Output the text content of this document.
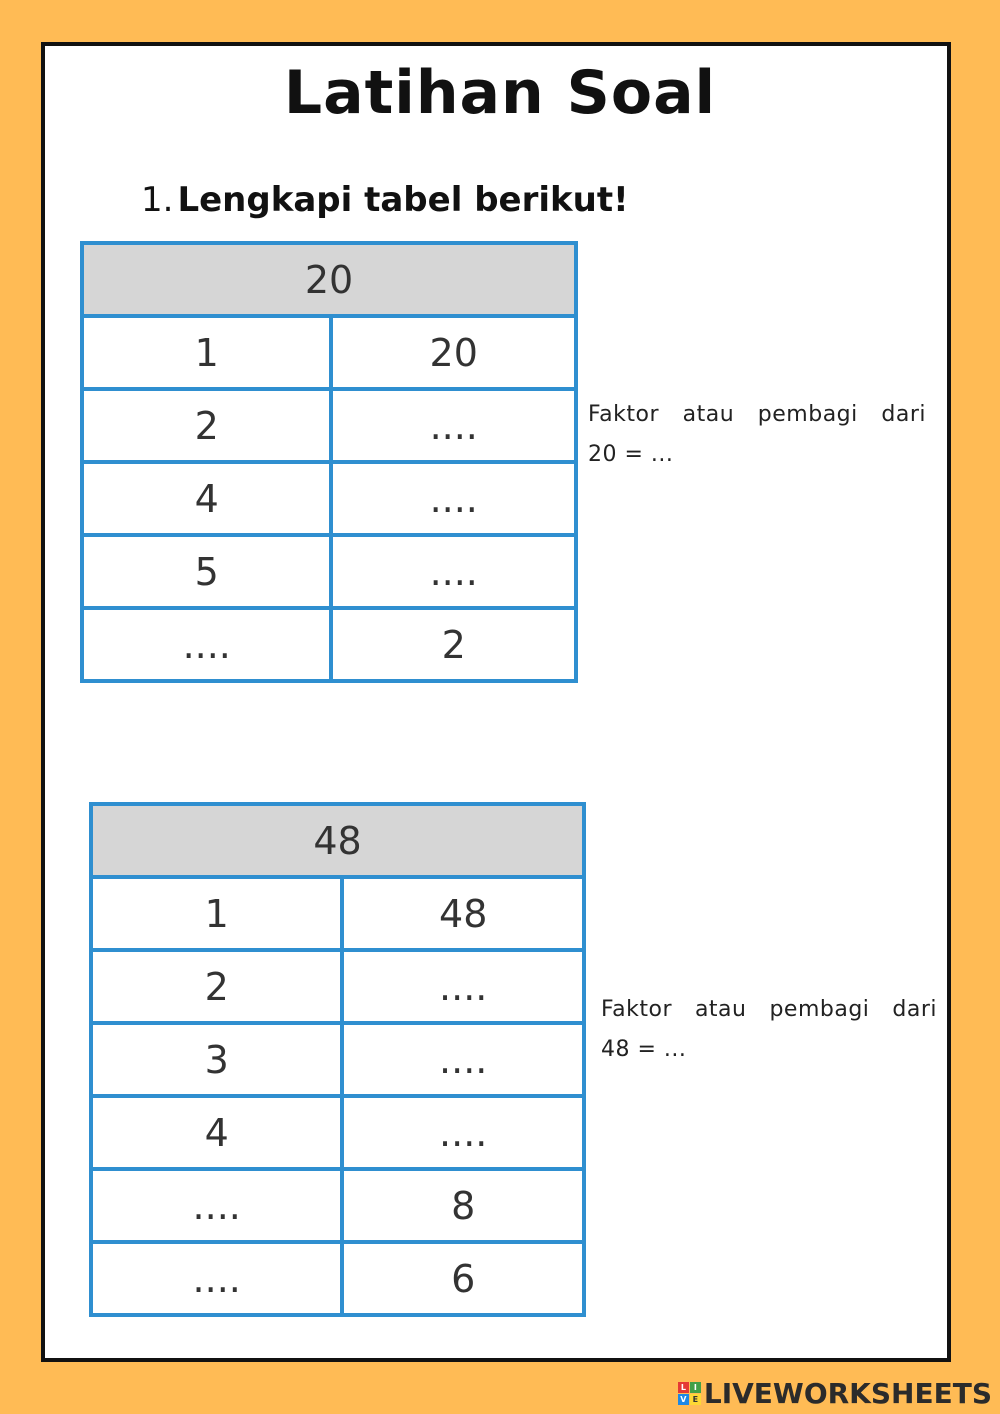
Latihan Soal
1. Lengkapi tabel berikut!
20	
1	20
2	....
4	....
5	....
....	2
Faktor atau pembagi dari
20 = ...
48	
1	48
2	....
3	....
4	....
....	8
....	6
Faktor atau pembagi dari
48 = ...
L I
V E LIVEWORKSHEETS
